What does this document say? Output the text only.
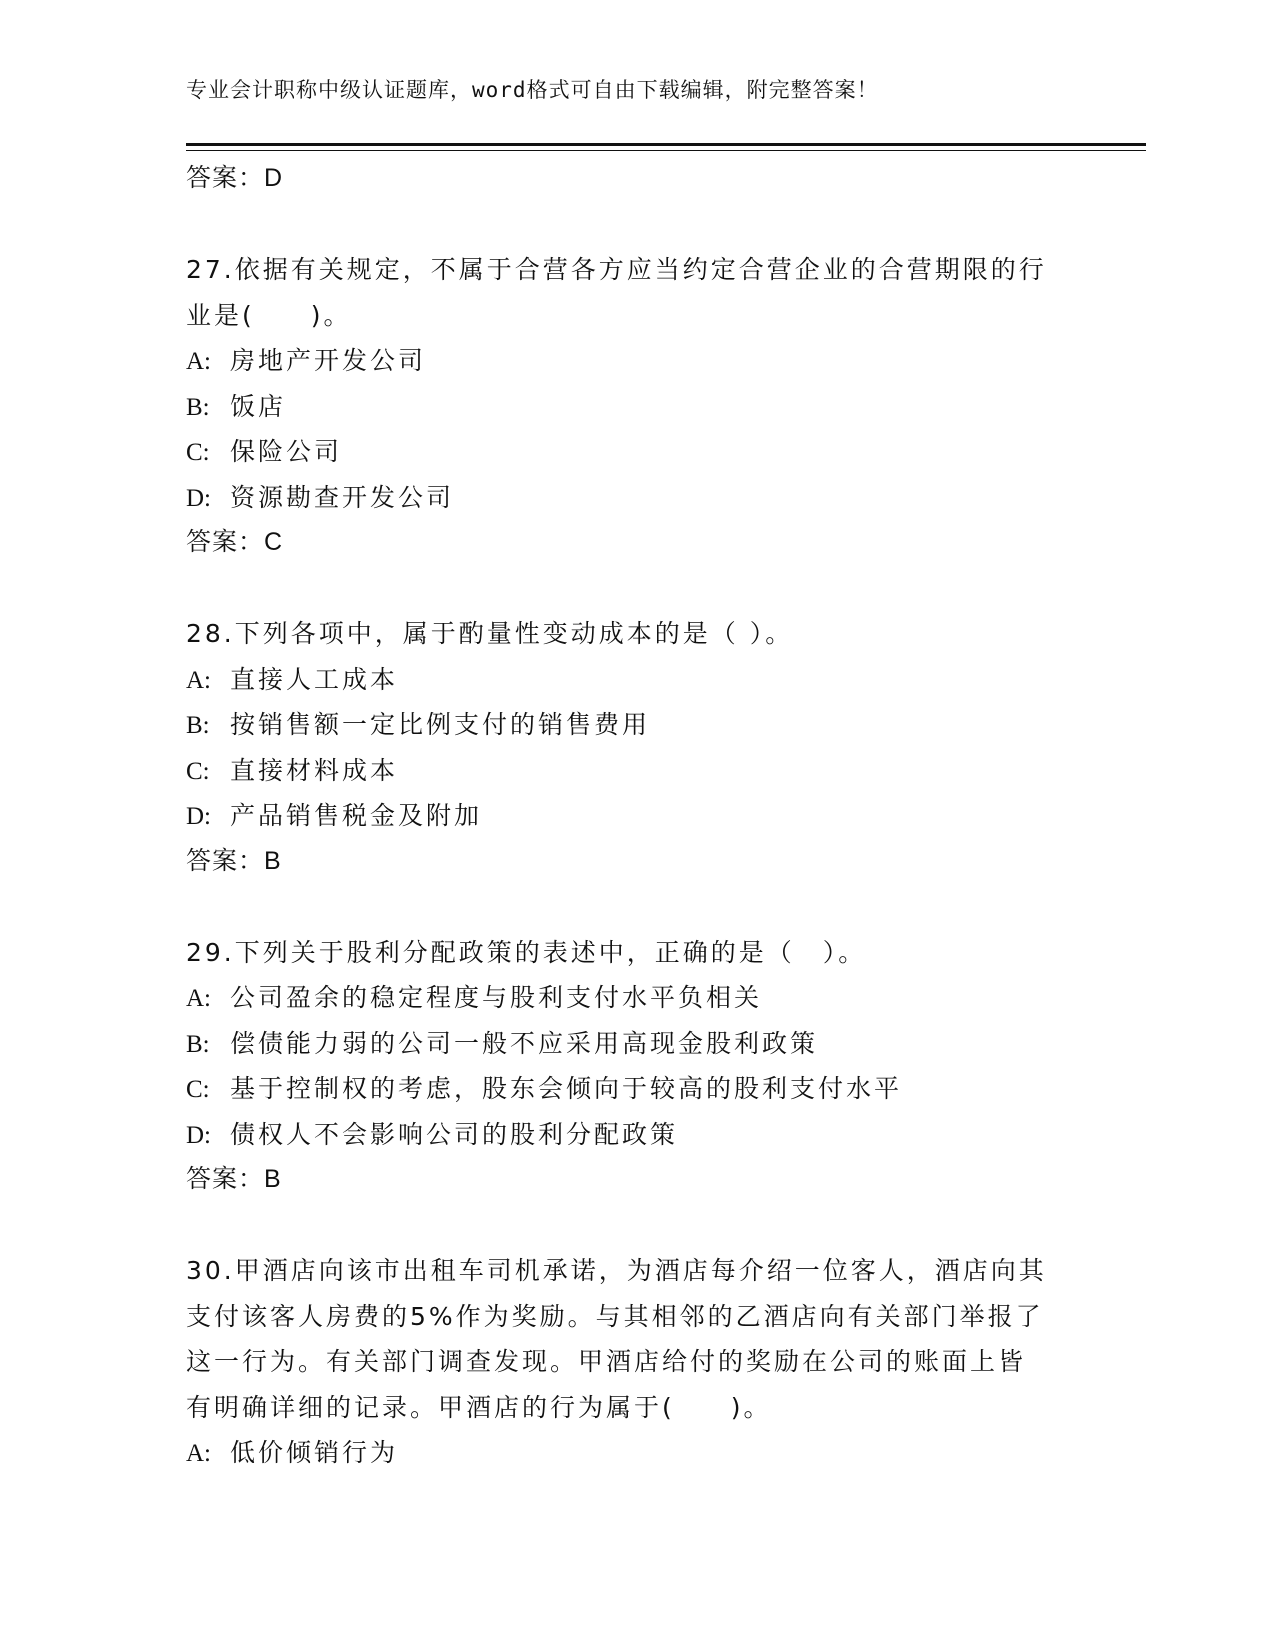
专业会计职称中级认证题库，word格式可自由下载编辑，附完整答案！
答案：D
27.依据有关规定，不属于合营各方应当约定合营企业的合营期限的行
业是(　　)。
A: 房地产开发公司
B: 饭店
C: 保险公司
D: 资源勘查开发公司
答案：C
28.下列各项中，属于酌量性变动成本的是（ ）。
A: 直接人工成本
B: 按销售额一定比例支付的销售费用
C: 直接材料成本
D: 产品销售税金及附加
答案：B
29.下列关于股利分配政策的表述中，正确的是（　）。
A: 公司盈余的稳定程度与股利支付水平负相关
B: 偿债能力弱的公司一般不应采用高现金股利政策
C: 基于控制权的考虑，股东会倾向于较高的股利支付水平
D: 债权人不会影响公司的股利分配政策
答案：B
30.甲酒店向该市出租车司机承诺，为酒店每介绍一位客人，酒店向其
支付该客人房费的5%作为奖励。与其相邻的乙酒店向有关部门举报了
这一行为。有关部门调查发现。甲酒店给付的奖励在公司的账面上皆
有明确详细的记录。甲酒店的行为属于(　　)。
A: 低价倾销行为
